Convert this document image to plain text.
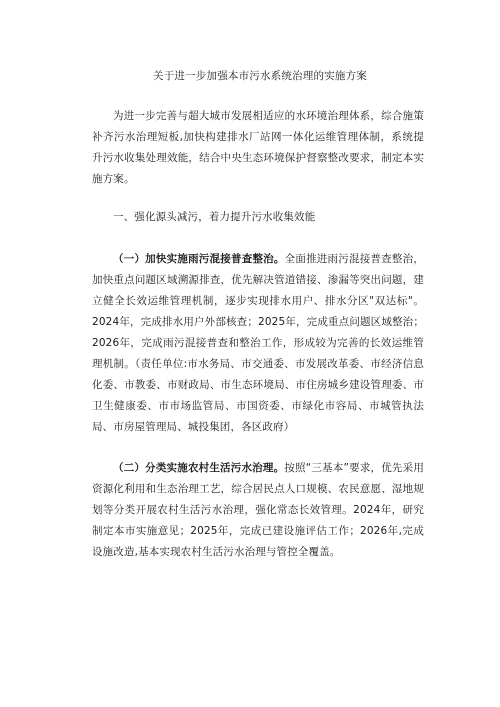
关于进一步加强本市污水系统治理的实施方案

为进一步完善与超大城市发展相适应的水环境治理体系，综合施策补齐污水治理短板,加快构建排水厂站网一体化运维管理体制，系统提升污水收集处理效能，结合中央生态环境保护督察整改要求，制定本实施方案。

一、强化源头减污，着力提升污水收集效能

（一）加快实施雨污混接普查整治。全面推进雨污混接普查整治，加快重点问题区域溯源排查，优先解决管道错接、渗漏等突出问题，建立健全长效运维管理机制，逐步实现排水用户、排水分区"双达标"。2024年，完成排水用户外部核查；2025年，完成重点问题区域整治；2026年，完成雨污混接普查和整治工作，形成较为完善的长效运维管理机制。（责任单位:市水务局、市交通委、市发展改革委、市经济信息化委、市教委、市财政局、市生态环境局、市住房城乡建设管理委、市卫生健康委、市市场监管局、市国资委、市绿化市容局、市城管执法局、市房屋管理局、城投集团，各区政府）

（二）分类实施农村生活污水治理。按照“三基本”要求，优先采用资源化利用和生态治理工艺，综合居民点人口规模、农民意愿、湿地规划等分类开展农村生活污水治理，强化常态长效管理。2024年，研究制定本市实施意见；2025年，完成已建设施评估工作；2026年,完成设施改造,基本实现农村生活污水治理与管控全覆盖。
